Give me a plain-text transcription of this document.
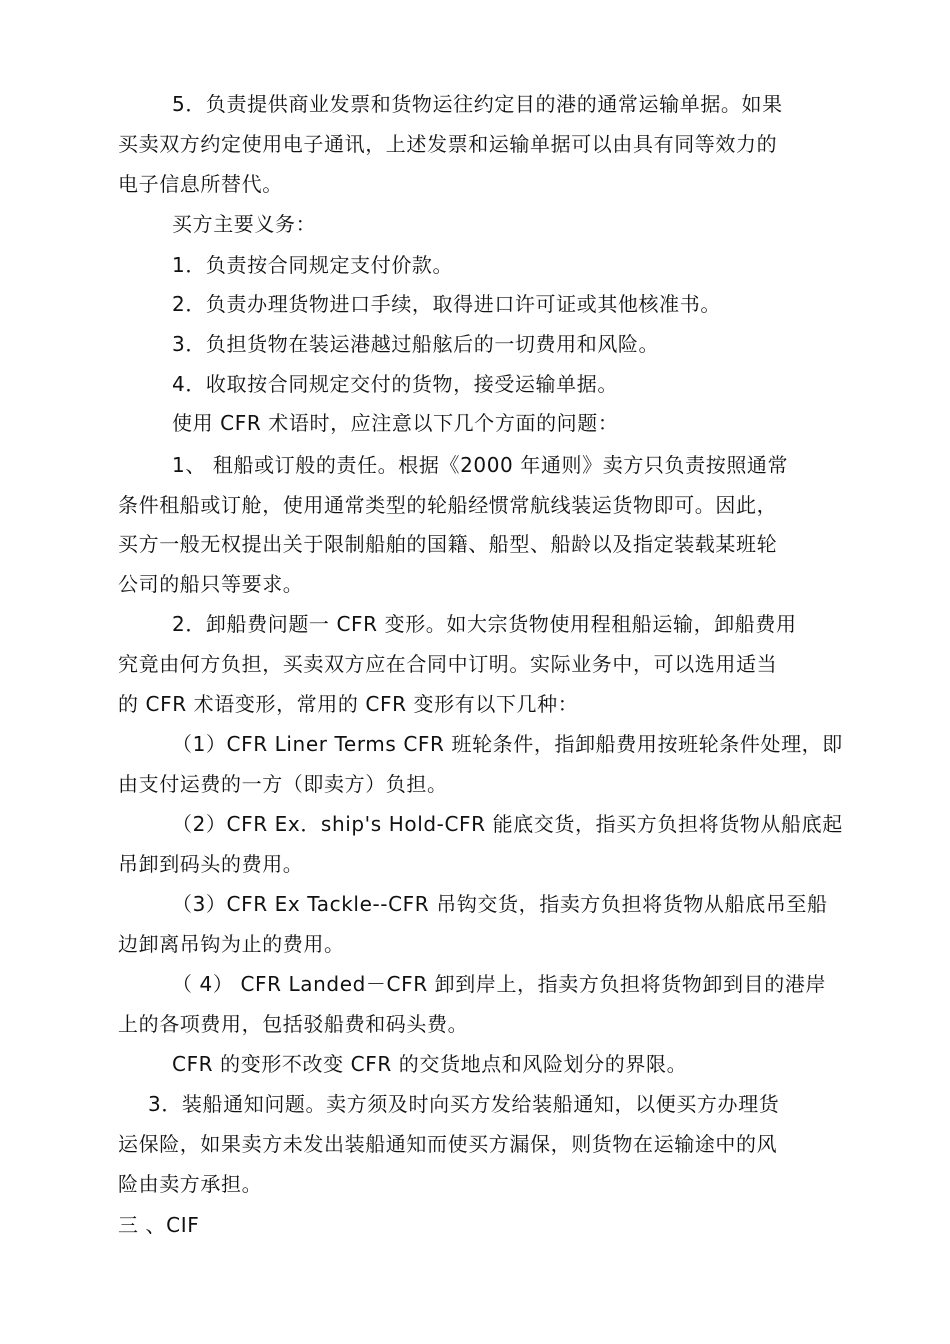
5．负责提供商业发票和货物运往约定目的港的通常运输单据。如果
买卖双方约定使用电子通讯，上述发票和运输单据可以由具有同等效力的
电子信息所替代。
买方主要义务：
1．负责按合同规定支付价款。
2．负责办理货物进口手续，取得进口许可证或其他核准书。
3．负担货物在装运港越过船舷后的一切费用和风险。
4．收取按合同规定交付的货物，接受运输单据。
使用 CFR 术语时，应注意以下几个方面的问题：
1、 租船或订般的责任。根据《2000 年通则》卖方只负责按照通常
条件租船或订舱，使用通常类型的轮船经惯常航线装运货物即可。因此，
买方一般无权提出关于限制船舶的国籍、船型、船龄以及指定装载某班轮
公司的船只等要求。
2．卸船费问题一 CFR 变形。如大宗货物使用程租船运输，卸船费用
究竟由何方负担，买卖双方应在合同中订明。实际业务中，可以选用适当
的 CFR 术语变形，常用的 CFR 变形有以下几种：
（1）CFR Liner Terms CFR 班轮条件，指卸船费用按班轮条件处理，即
由支付运费的一方（即卖方）负担。
（2）CFR Ex．ship's Hold-CFR 能底交货，指买方负担将货物从船底起
吊卸到码头的费用。
（3）CFR Ex Tackle--CFR 吊钩交货，指卖方负担将货物从船底吊至船
边卸离吊钩为止的费用。
（ 4） CFR Landed－CFR 卸到岸上，指卖方负担将货物卸到目的港岸
上的各项费用，包括驳船费和码头费。
CFR 的变形不改变 CFR 的交货地点和风险划分的界限。
3．装船通知问题。卖方须及时向买方发给装船通知，以便买方办理货
运保险，如果卖方未发出装船通知而使买方漏保，则货物在运输途中的风
险由卖方承担。
三 、CIF
